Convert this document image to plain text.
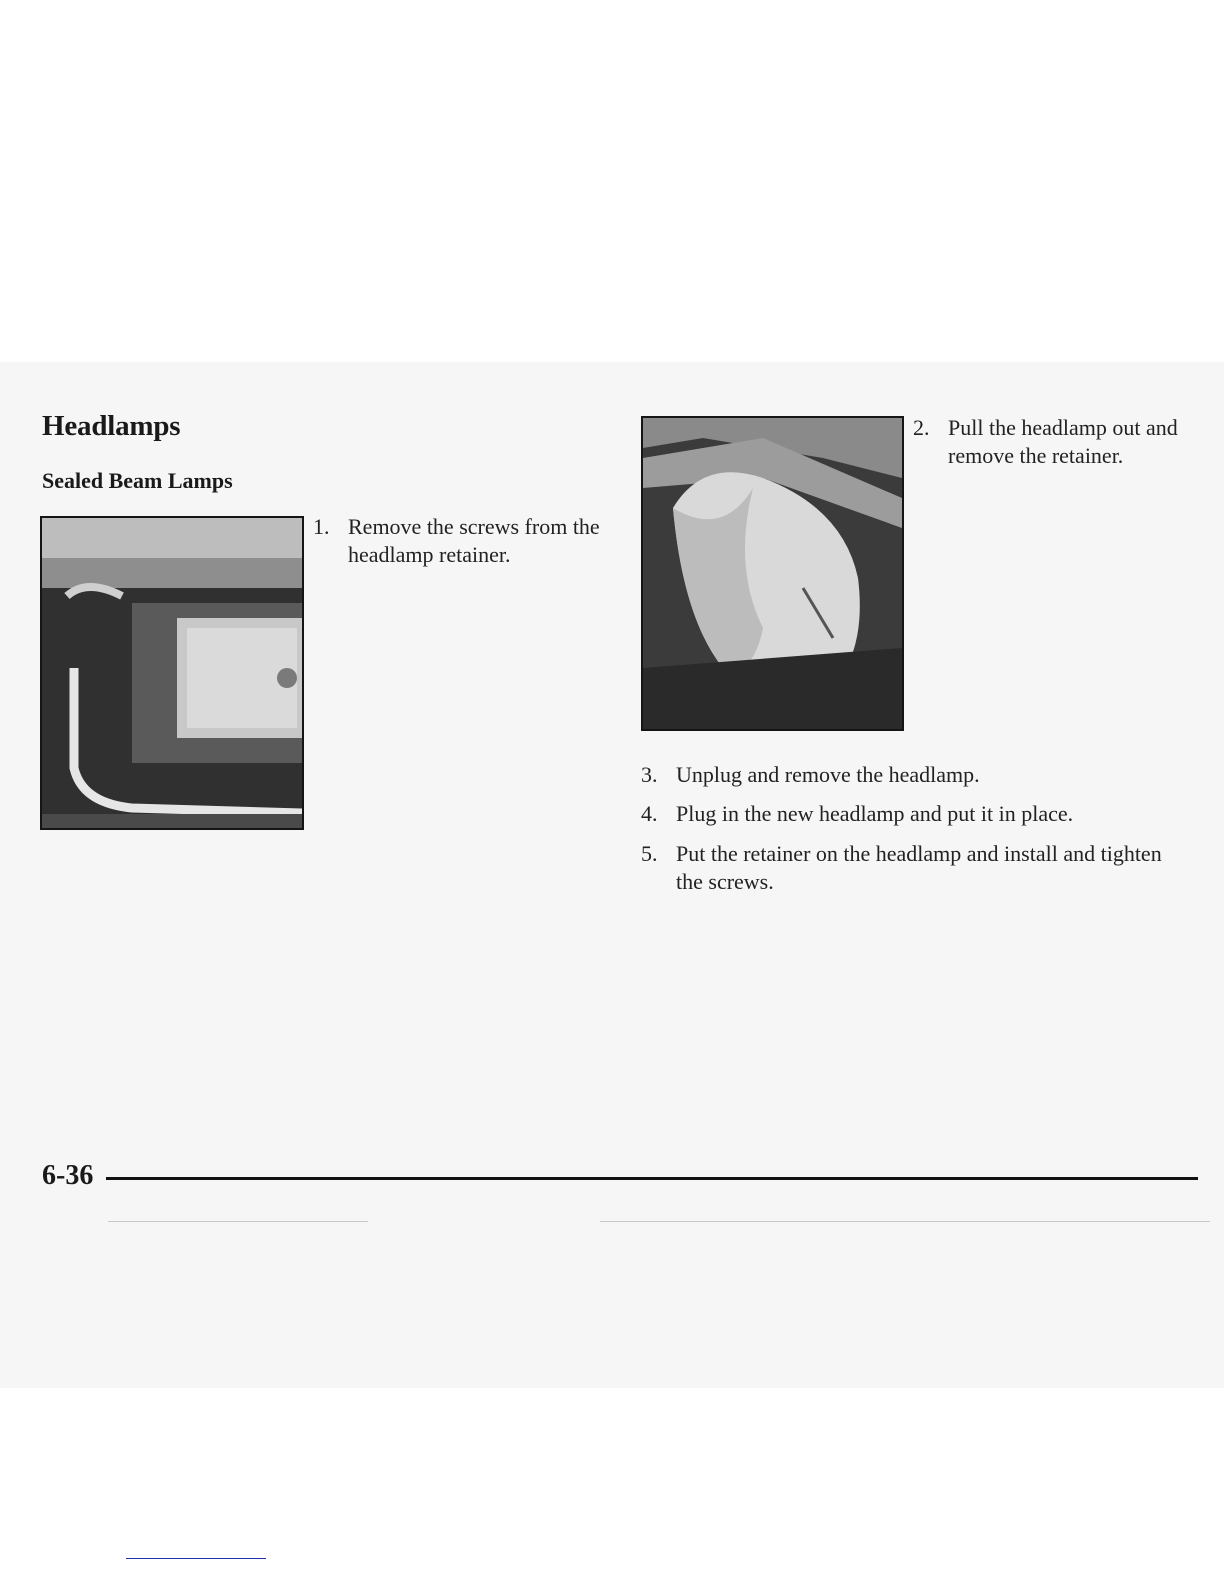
Headlamps
Sealed Beam Lamps
1. Remove the screws from the headlamp retainer.
2. Pull the headlamp out and remove the retainer.
3. Unplug and remove the headlamp.
4. Plug in the new headlamp and put it in place.
5. Put the retainer on the headlamp and install and tighten the screws.

6-36
